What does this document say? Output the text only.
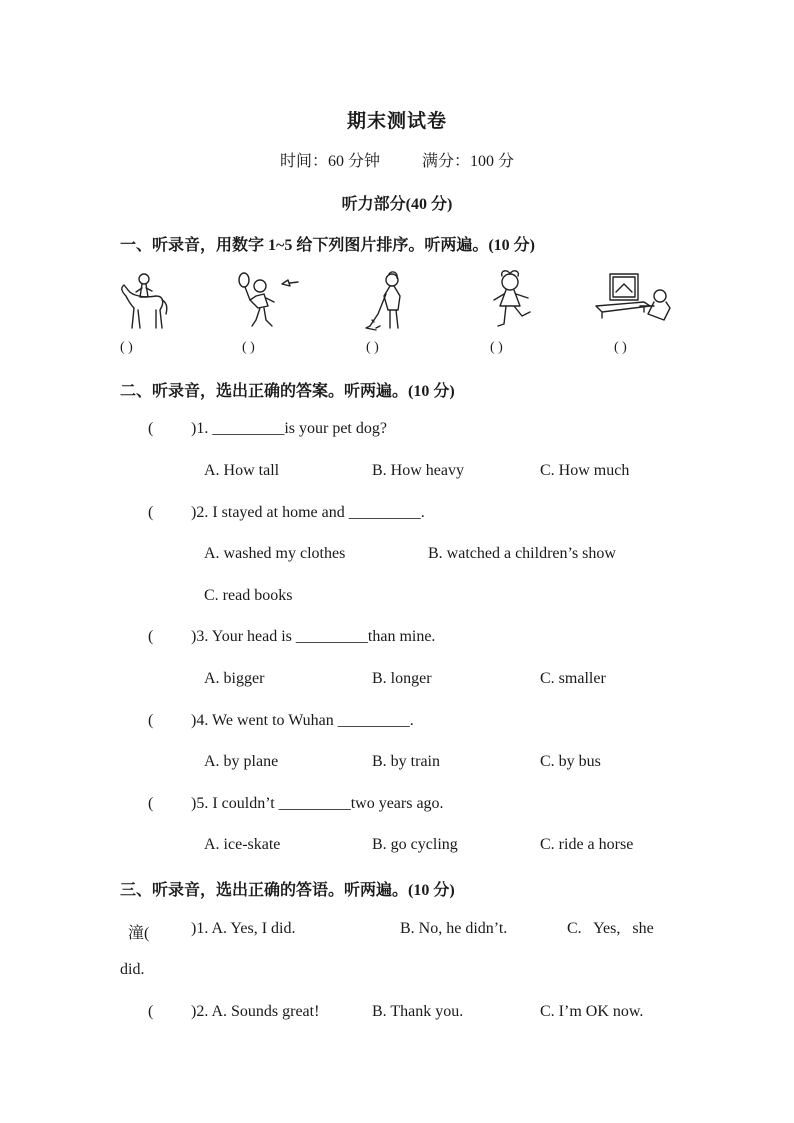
期末测试卷
时间：60 分钟	满分：100 分
听力部分(40 分)
一、听录音，用数字 1~5 给下列图片排序。听两遍。(10 分)
( )	( )	( )	( )	( )
二、听录音，选出正确的答案。听两遍。(10 分)
( )1. _________is your pet dog?
A. How tall	B. How heavy	C. How much
( )2. I stayed at home and _________.
A. washed my clothes	B. watched a children’s show
C. read books
( )3. Your head is _________than mine.
A. bigger	B. longer	C. smaller
( )4. We went to Wuhan _________.
A. by plane	B. by train	C. by bus
( )5. I couldn’t _________two years ago.
A. ice-skate	B. go cycling	C. ride a horse
三、听录音，选出正确的答语。听两遍。(10 分)
潼(	)1. A. Yes, I did.	B. No, he didn’t.	C.   Yes,   she
did.
( )2. A. Sounds great!	B. Thank you.	C. I’m OK now.
